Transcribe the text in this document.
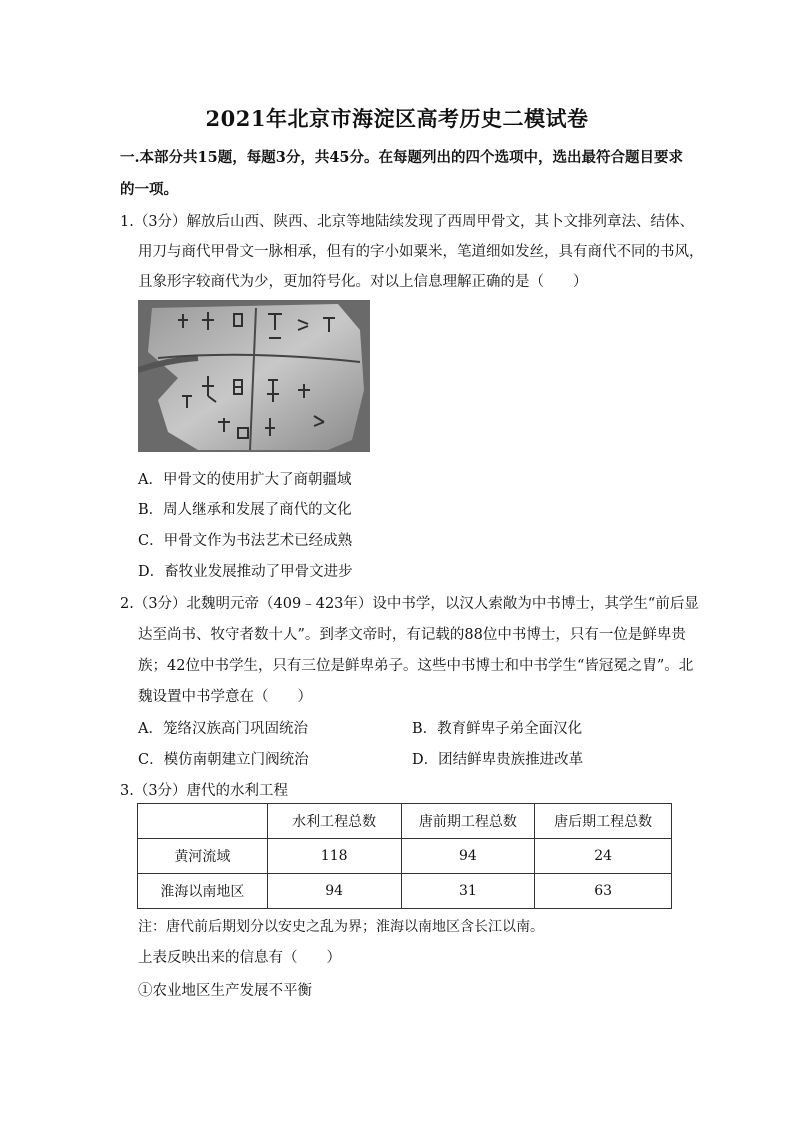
2021年北京市海淀区高考历史二模试卷
一.本部分共15题，每题3分，共45分。在每题列出的四个选项中，选出最符合题目要求
的一项。
1.（3分）解放后山西、陕西、北京等地陆续发现了西周甲骨文，其卜文排列章法、结体、
用刀与商代甲骨文一脉相承，但有的字小如粟米，笔道细如发丝，具有商代不同的书风，
且象形字较商代为少，更加符号化。对以上信息理解正确的是（　　）
A．甲骨文的使用扩大了商朝疆域
B．周人继承和发展了商代的文化
C．甲骨文作为书法艺术已经成熟
D．畜牧业发展推动了甲骨文进步
2.（3分）北魏明元帝（409﹣423年）设中书学，以汉人索敞为中书博士，其学生“前后显
达至尚书、牧守者数十人”。到孝文帝时，有记载的88位中书博士，只有一位是鲜卑贵
族；42位中书学生，只有三位是鲜卑弟子。这些中书博士和中书学生“皆冠冕之胄”。北
魏设置中书学意在（　　）
A．笼络汉族高门巩固统治	B．教育鲜卑子弟全面汉化
C．模仿南朝建立门阀统治	D．团结鲜卑贵族推进改革
3.（3分）唐代的水利工程
	水利工程总数	唐前期工程总数	唐后期工程总数
黄河流域	118	94	24
淮海以南地区	94	31	63
注：唐代前后期划分以安史之乱为界；淮海以南地区含长江以南。
上表反映出来的信息有（　　）
①农业地区生产发展不平衡
